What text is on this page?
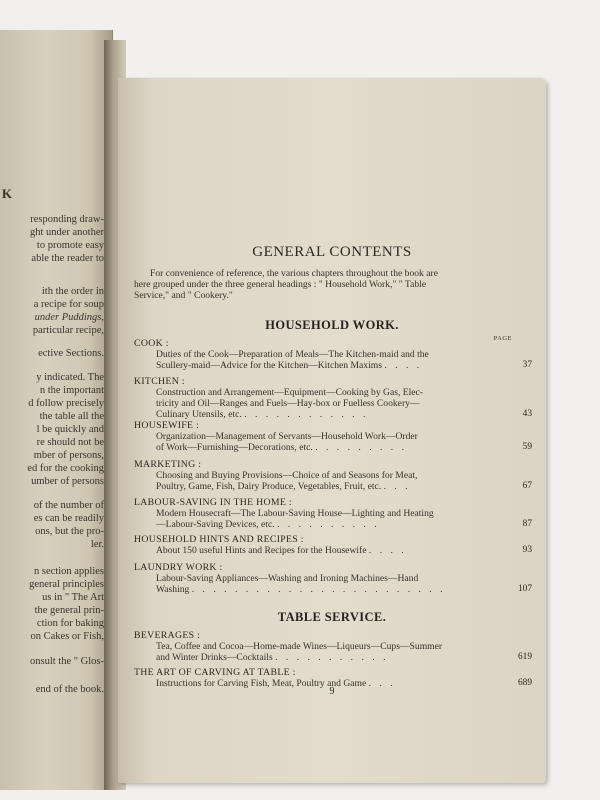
K
responding draw-
ght under another
to promote easy
able the reader to
ith the order in
a recipe for soup
under Puddings,
particular recipe,
ective Sections.
y indicated. The
n the important
d follow precisely
the table all the
l be quickly and
re should not be
mber of persons,
ed for the cooking
umber of persons
of the number of
es can be readily
ons, but the pro-
ler.
n section applies
general principles
us in " The Art
the general prin-
ction for baking
on Cakes or Fish,
onsult the " Glos-
end of the book.
GENERAL CONTENTS
For convenience of reference, the various chapters throughout the book are
here grouped under the three general headings : " Household Work," " Table
Service," and " Cookery."
HOUSEHOLD WORK.
PAGE
COOK :
Duties of the Cook—Preparation of Meals—The Kitchen-maid and the
Scullery-maid—Advice for the Kitchen—Kitchen Maxims . . . .	37
KITCHEN :
Construction and Arrangement—Equipment—Cooking by Gas, Elec-
tricity and Oil—Ranges and Fuels—Hay-box or Fuelless Cookery—
Culinary Utensils, etc. . . . . . . . . . . . .	43
HOUSEWIFE :
Organization—Management of Servants—Household Work—Order
of Work—Furnishing—Decorations, etc. . . . . . . . . .	59
MARKETING :
Choosing and Buying Provisions—Choice of and Seasons for Meat,
Poultry, Game, Fish, Dairy Produce, Vegetables, Fruit, etc. . . .	67
LABOUR-SAVING IN THE HOME :
Modern Housecraft—The Labour-Saving House—Lighting and Heating
—Labour-Saving Devices, etc. . . . . . . . . . .	87
HOUSEHOLD HINTS AND RECIPES :
About 150 useful Hints and Recipes for the Housewife . . . .	93
LAUNDRY WORK :
Labour-Saving Appliances—Washing and Ironing Machines—Hand
Washing . . . . . . . . . . . . . . . . . . . . . . . .	107
TABLE SERVICE.
BEVERAGES :
Tea, Coffee and Cocoa—Home-made Wines—Liqueurs—Cups—Summer
and Winter Drinks—Cocktails . . . . . . . . . . .	619
THE ART OF CARVING AT TABLE :
Instructions for Carving Fish, Meat, Poultry and Game . . .	689
9
